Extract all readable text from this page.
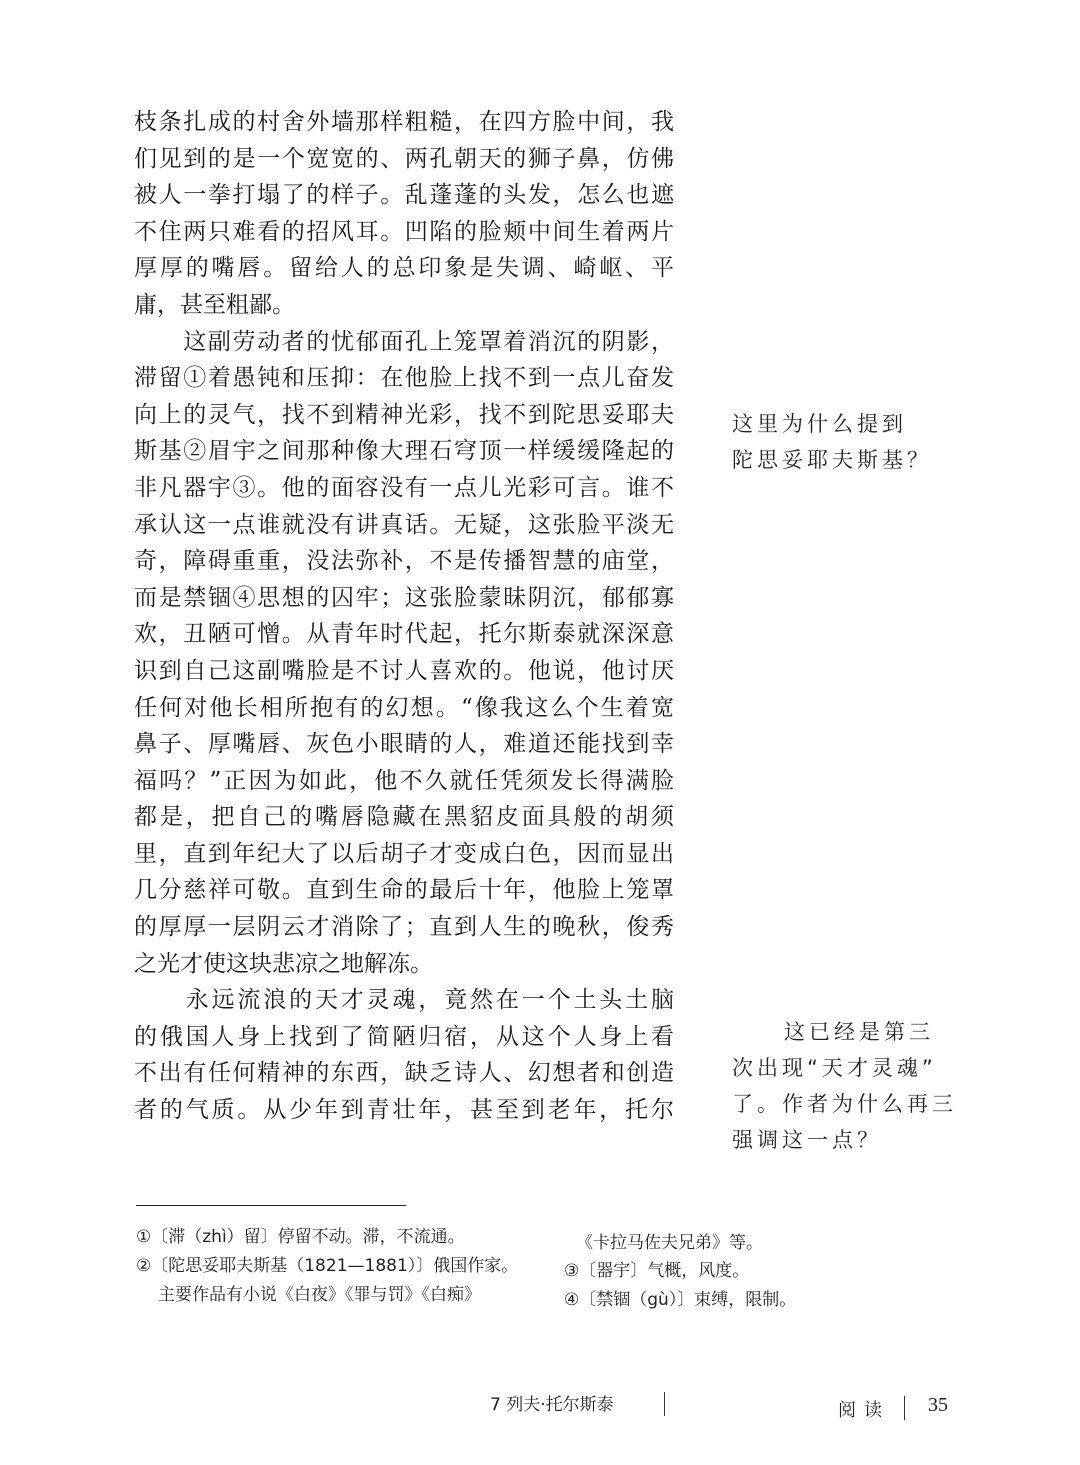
枝条扎成的村舍外墙那样粗糙，在四方脸中间，我
们见到的是一个宽宽的、两孔朝天的狮子鼻，仿佛
被人一拳打塌了的样子。乱蓬蓬的头发，怎么也遮
不住两只难看的招风耳。凹陷的脸颊中间生着两片
厚厚的嘴唇。留给人的总印象是失调、崎岖、平
庸，甚至粗鄙。
　　这副劳动者的忧郁面孔上笼罩着消沉的阴影，
滞留①着愚钝和压抑：在他脸上找不到一点儿奋发
向上的灵气，找不到精神光彩，找不到陀思妥耶夫
斯基②眉宇之间那种像大理石穹顶一样缓缓隆起的
非凡器宇③。他的面容没有一点儿光彩可言。谁不
承认这一点谁就没有讲真话。无疑，这张脸平淡无
奇，障碍重重，没法弥补，不是传播智慧的庙堂，
而是禁锢④思想的囚牢；这张脸蒙昧阴沉，郁郁寡
欢，丑陋可憎。从青年时代起，托尔斯泰就深深意
识到自己这副嘴脸是不讨人喜欢的。他说，他讨厌
任何对他长相所抱有的幻想。“像我这么个生着宽
鼻子、厚嘴唇、灰色小眼睛的人，难道还能找到幸
福吗？”正因为如此，他不久就任凭须发长得满脸
都是，把自己的嘴唇隐藏在黑貂皮面具般的胡须
里，直到年纪大了以后胡子才变成白色，因而显出
几分慈祥可敬。直到生命的最后十年，他脸上笼罩
的厚厚一层阴云才消除了；直到人生的晚秋，俊秀
之光才使这块悲凉之地解冻。
　　永远流浪的天才灵魂，竟然在一个土头土脑
的俄国人身上找到了简陋归宿，从这个人身上看
不出有任何精神的东西，缺乏诗人、幻想者和创造
者的气质。从少年到青壮年，甚至到老年，托尔
这里为什么提到
陀思妥耶夫斯基？
这已经是第三
次出现“天才灵魂”
了。作者为什么再三
强调这一点？
①〔滞（zhì）留〕停留不动。滞，不流通。
②〔陀思妥耶夫斯基（1821—1881）〕俄国作家。
主要作品有小说《白夜》《罪与罚》《白痴》
《卡拉马佐夫兄弟》等。
③〔器宇〕气概，风度。
④〔禁锢（gù）〕束缚，限制。
7 列夫·托尔斯泰	阅读 35
